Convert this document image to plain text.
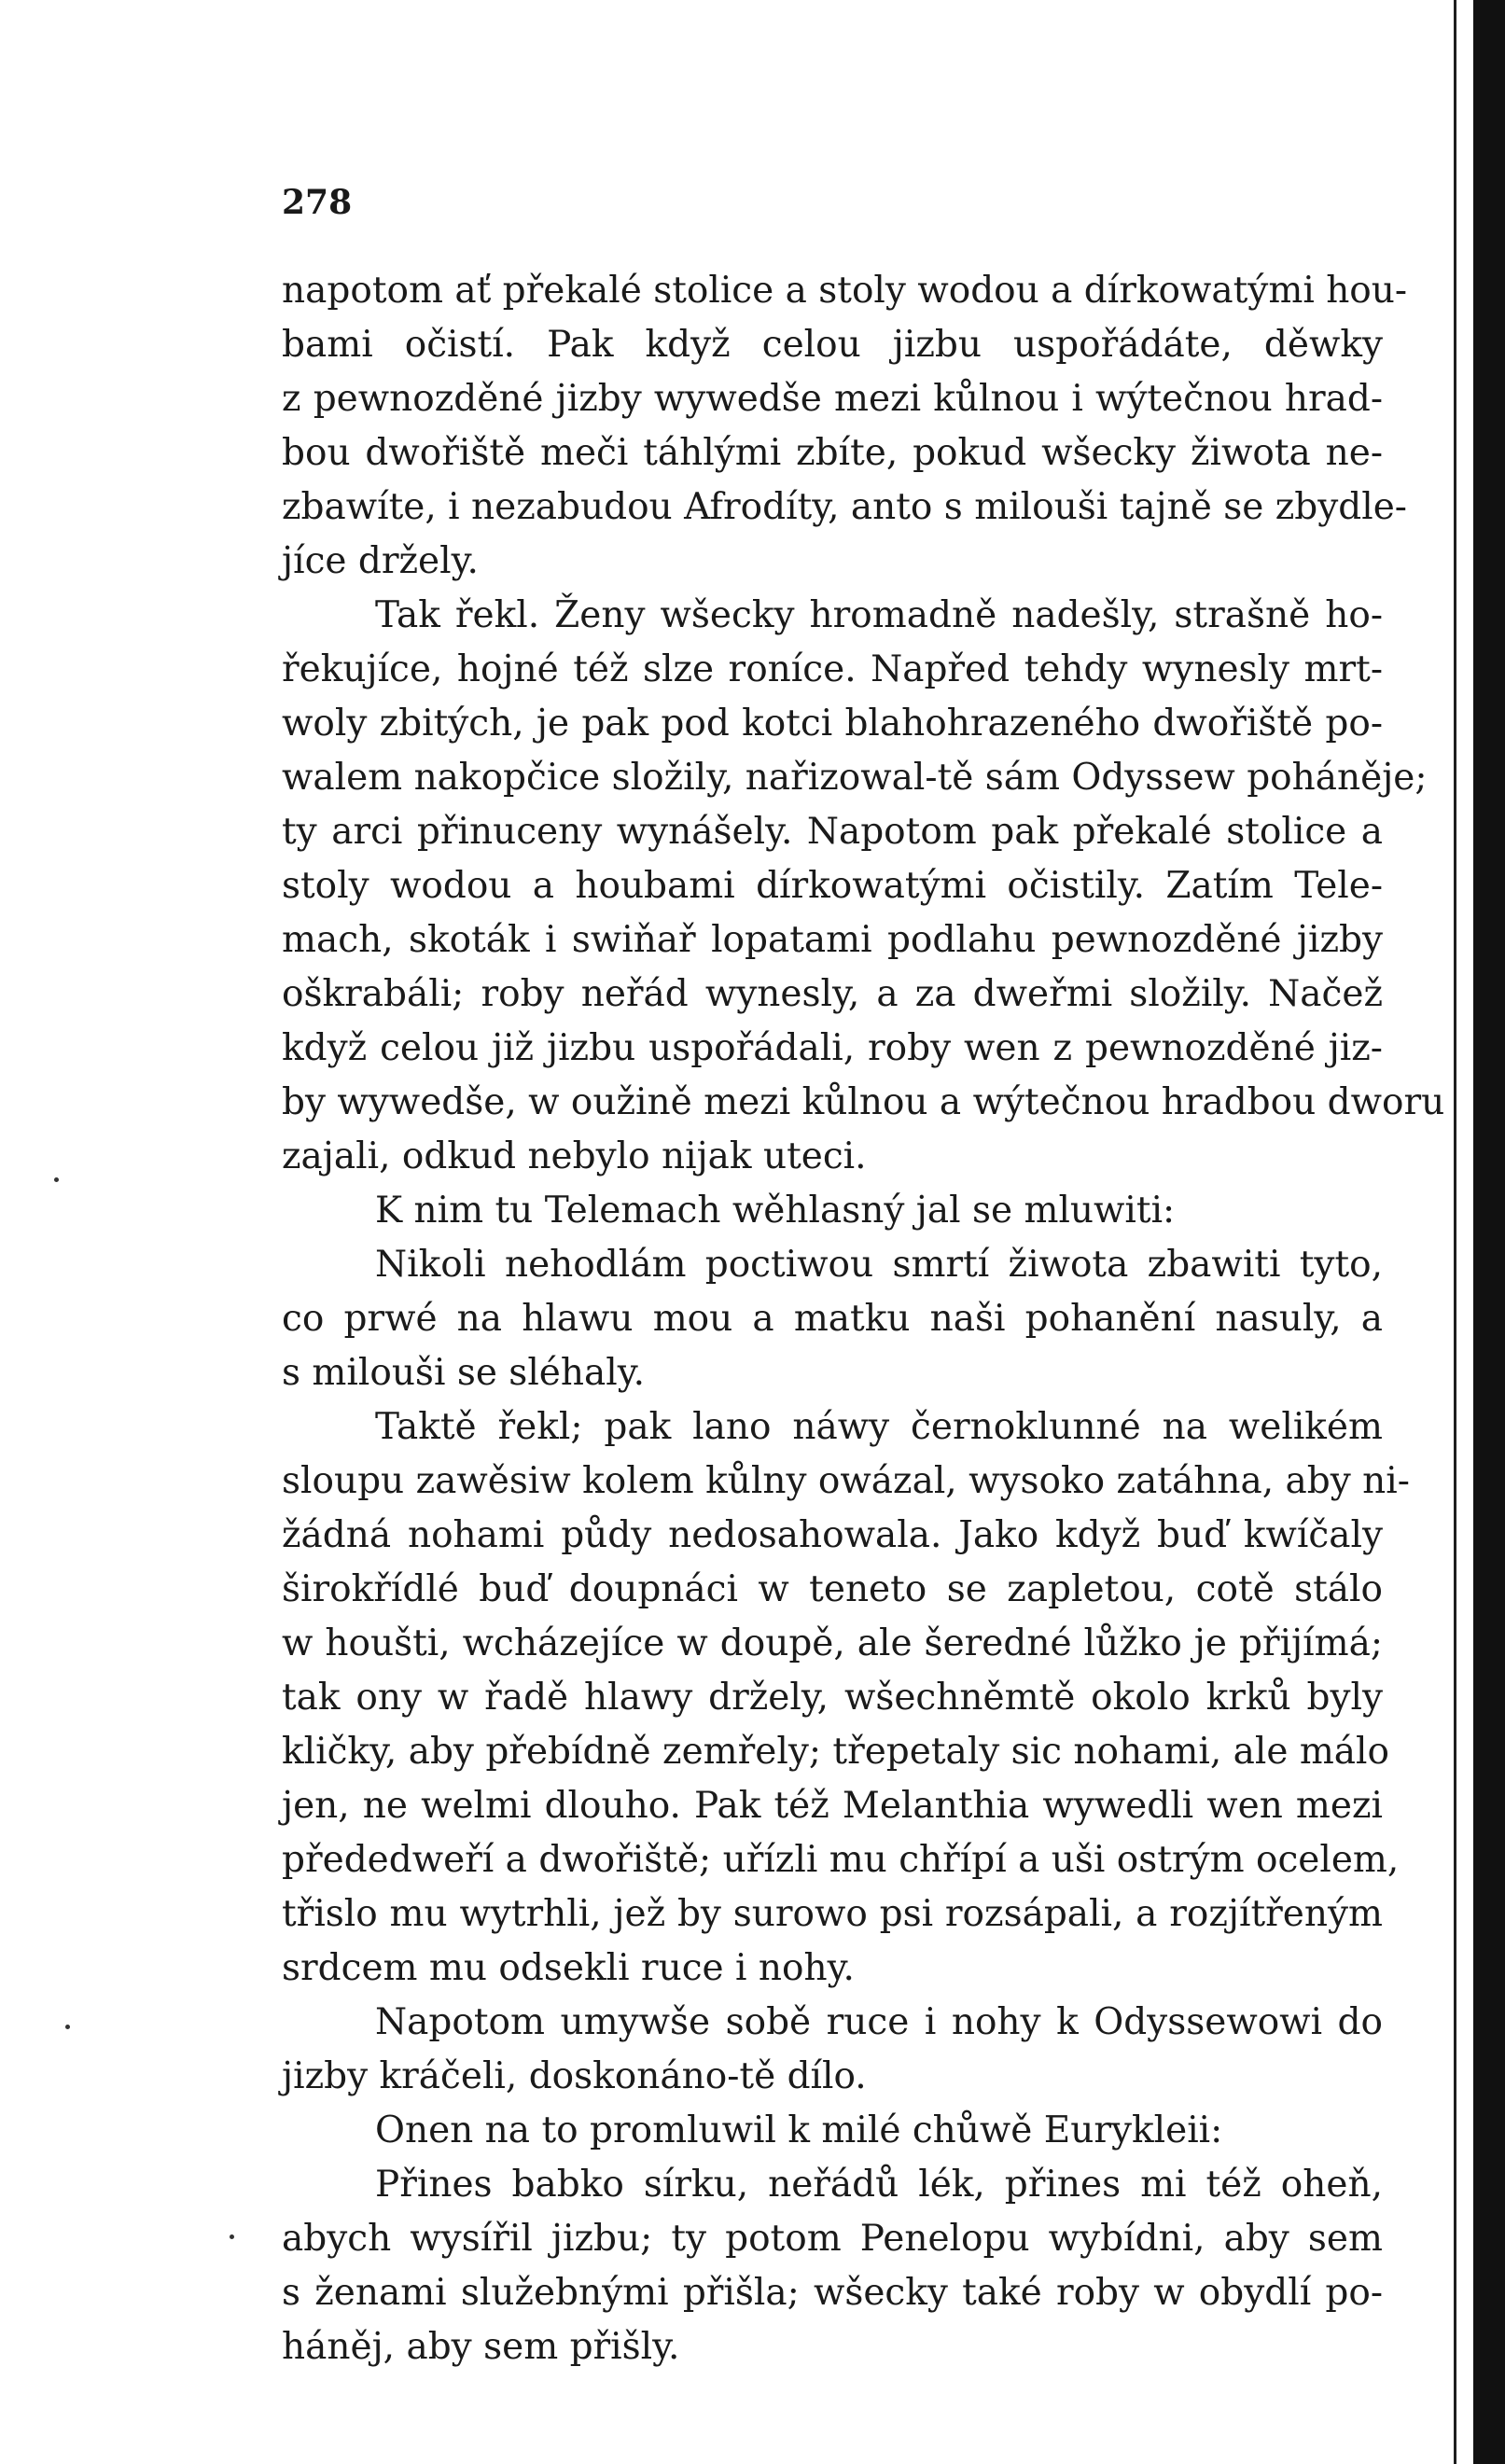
278
napotom ať překalé stolice a stoly wodou a dírkowatými hou-
bami očistí. Pak když celou jizbu uspořádáte, děwky
z pewnozděné jizby wywedše mezi kůlnou i wýtečnou hrad-
bou dwořiště meči táhlými zbíte, pokud wšecky žiwota ne-
zbawíte, i nezabudou Afrodíty, anto s milouši tajně se zbydle-
jíce držely.
Tak řekl. Ženy wšecky hromadně nadešly, strašně ho-
řekujíce, hojné též slze roníce. Napřed tehdy wynesly mrt-
woly zbitých, je pak pod kotci blahohrazeného dwořiště po-
walem nakopčice složily, nařizowal-tě sám Odyssew poháněje;
ty arci přinuceny wynášely. Napotom pak překalé stolice a
stoly wodou a houbami dírkowatými očistily. Zatím Tele-
mach, skoták i swiňař lopatami podlahu pewnozděné jizby
oškrabáli; roby neřád wynesly, a za dweřmi složily. Načež
když celou již jizbu uspořádali, roby wen z pewnozděné jiz-
by wywedše, w oužině mezi kůlnou a wýtečnou hradbou dworu
zajali, odkud nebylo nijak uteci.
K nim tu Telemach wěhlasný jal se mluwiti:
Nikoli nehodlám poctiwou smrtí žiwota zbawiti tyto,
co prwé na hlawu mou a matku naši pohanění nasuly, a
s milouši se sléhaly.
Taktě řekl; pak lano náwy černoklunné na welikém
sloupu zawěsiw kolem kůlny owázal, wysoko zatáhna, aby ni-
žádná nohami půdy nedosahowala. Jako když buď kwíčaly
širokřídlé buď doupnáci w teneto se zapletou, cotě stálo
w houšti, wcházejíce w doupě, ale šeredné lůžko je přijímá;
tak ony w řadě hlawy držely, wšechněmtě okolo krků byly
kličky, aby přebídně zemřely; třepetaly sic nohami, ale málo
jen, ne welmi dlouho. Pak též Melanthia wywedli wen mezi
přededweří a dwořiště; uřízli mu chřípí a uši ostrým ocelem,
třislo mu wytrhli, jež by surowo psi rozsápali, a rozjítřeným
srdcem mu odsekli ruce i nohy.
Napotom umywše sobě ruce i nohy k Odyssewowi do
jizby kráčeli, doskonáno-tě dílo.
Onen na to promluwil k milé chůwě Eurykleii:
Přines babko sírku, neřádů lék, přines mi též oheň,
abych wysířil jizbu; ty potom Penelopu wybídni, aby sem
s ženami služebnými přišla; wšecky také roby w obydlí po-
háněj, aby sem přišly.
